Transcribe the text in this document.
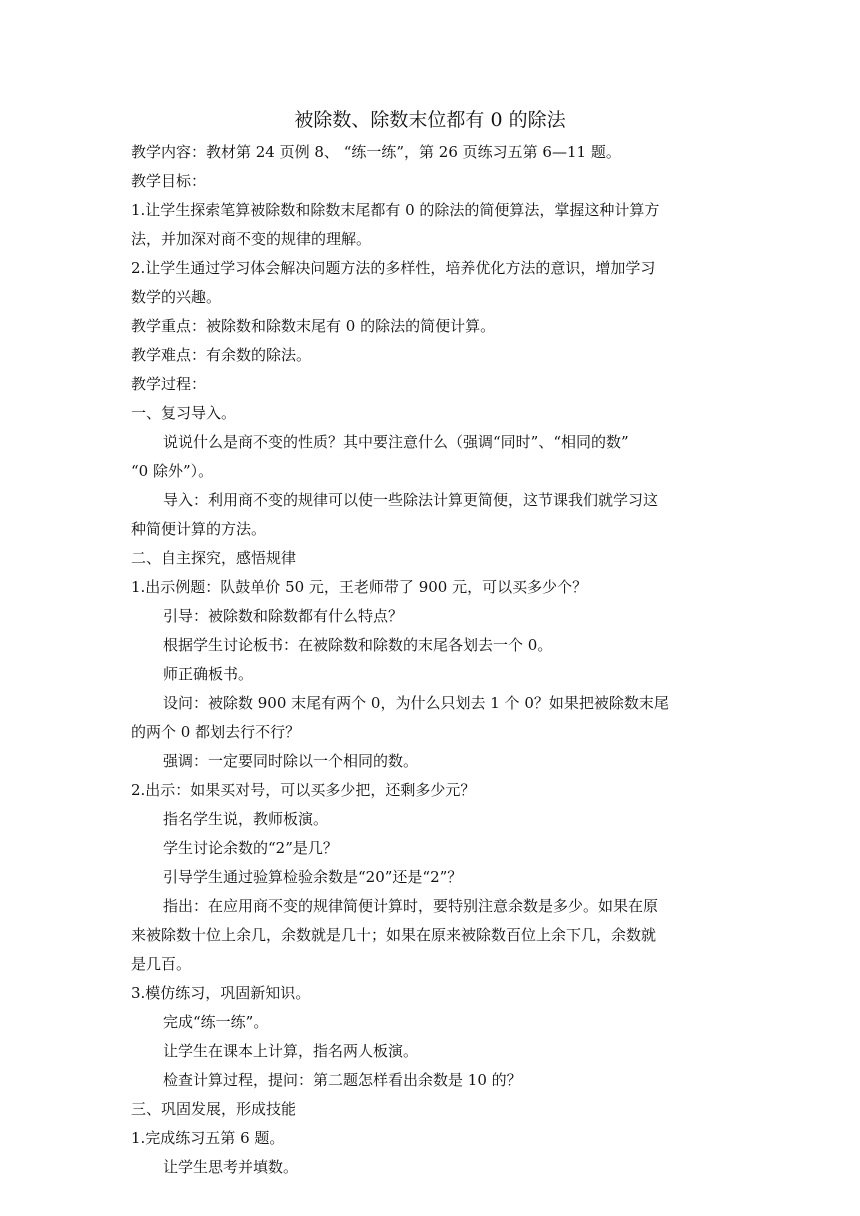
被除数、除数末位都有 0 的除法
教学内容：教材第 24 页例 8、 “练一练”，第 26 页练习五第 6—11 题。
教学目标：
1.让学生探索笔算被除数和除数末尾都有 0 的除法的简便算法，掌握这种计算方
法，并加深对商不变的规律的理解。
2.让学生通过学习体会解决问题方法的多样性，培养优化方法的意识，增加学习
数学的兴趣。
教学重点：被除数和除数末尾有 0 的除法的简便计算。
教学难点：有余数的除法。
教学过程：
一、复习导入。
说说什么是商不变的性质？其中要注意什么（强调“同时”、“相同的数”
“0 除外”）。
导入：利用商不变的规律可以使一些除法计算更简便，这节课我们就学习这
种简便计算的方法。
二、自主探究，感悟规律
1.出示例题：队鼓单价 50 元，王老师带了 900 元，可以买多少个？
引导：被除数和除数都有什么特点？
根据学生讨论板书：在被除数和除数的末尾各划去一个 0。
师正确板书。
设问：被除数 900 末尾有两个 0，为什么只划去 1 个 0？如果把被除数末尾
的两个 0 都划去行不行？
强调：一定要同时除以一个相同的数。
2.出示：如果买对号，可以买多少把，还剩多少元？
指名学生说，教师板演。
学生讨论余数的“2”是几？
引导学生通过验算检验余数是“20”还是“2”？
指出：在应用商不变的规律简便计算时，要特别注意余数是多少。如果在原
来被除数十位上余几，余数就是几十；如果在原来被除数百位上余下几，余数就
是几百。
3.模仿练习，巩固新知识。
完成“练一练”。
让学生在课本上计算，指名两人板演。
检查计算过程，提问：第二题怎样看出余数是 10 的？
三、巩固发展，形成技能
1.完成练习五第 6 题。
让学生思考并填数。
